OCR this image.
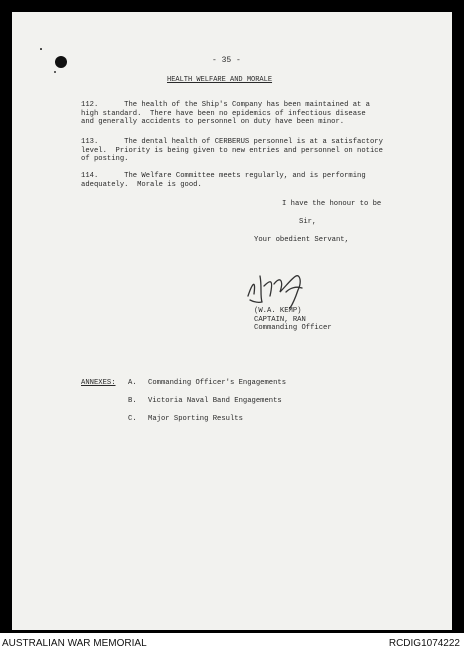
- 35 -
HEALTH WELFARE AND MORALE
112.      The health of the Ship's Company has been maintained at a
high standard.  There have been no epidemics of infectious disease
and generally accidents to personnel on duty have been minor.
113.      The dental health of CERBERUS personnel is at a satisfactory
level.  Priority is being given to new entries and personnel on notice
of posting.
114.      The Welfare Committee meets regularly, and is performing
adequately.  Morale is good.
I have the honour to be
Sir,
Your obedient Servant,
(W.A. KEMP)
CAPTAIN, RAN
Commanding Officer
ANNEXES: A. Commanding Officer's Engagements
B. Victoria Naval Band Engagements
C. Major Sporting Results
AUSTRALIAN WAR MEMORIAL	RCDIG1074222
